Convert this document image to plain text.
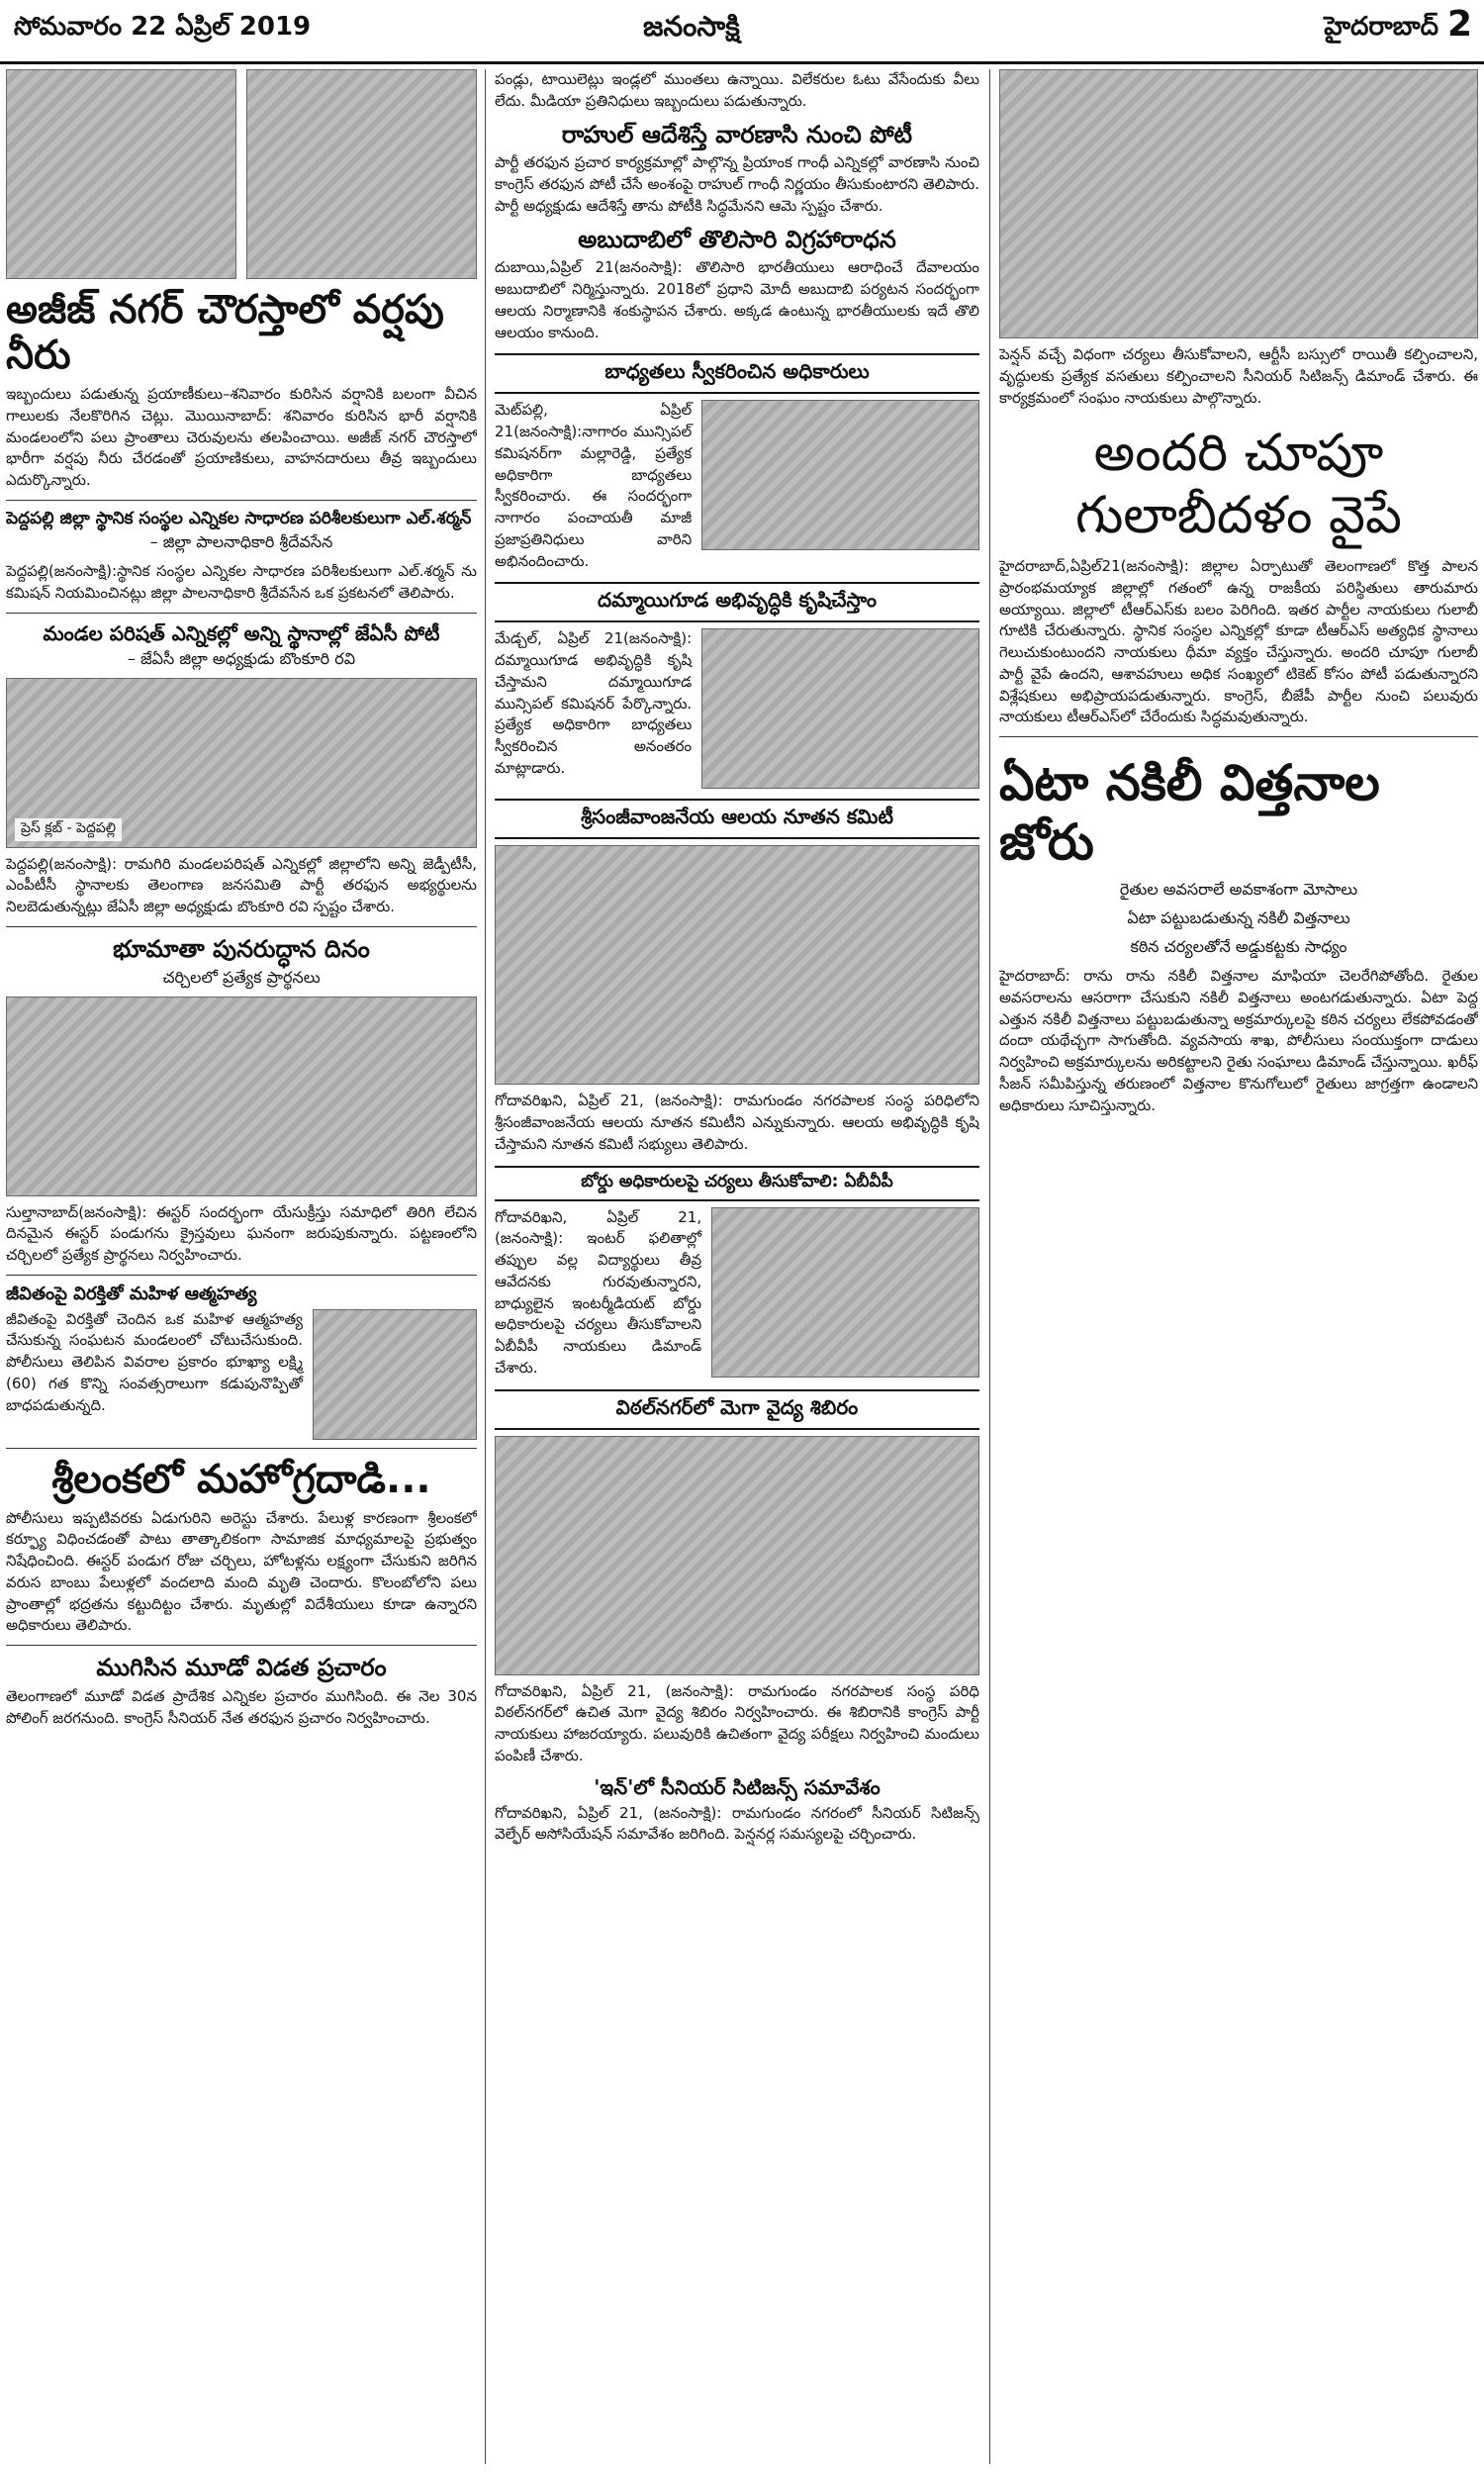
సోమవారం 22 ఏప్రిల్ 2019	జనంసాక్షి	హైదరాబాద్ 2
అజీజ్ నగర్ చౌరస్తాలో వర్షపు నీరు
ఇబ్బందులు పడుతున్న ప్రయాణీకులు–శనివారం కురిసిన వర్షానికి బలంగా వీచిన గాలులకు నేలకొరిగిన చెట్లు. మొయినాబాద్: శనివారం కురిసిన భారీ వర్షానికి మండలంలోని పలు ప్రాంతాలు చెరువులను తలపించాయి. అజీజ్ నగర్ చౌరస్తాలో భారీగా వర్షపు నీరు చేరడంతో ప్రయాణికులు, వాహనదారులు తీవ్ర ఇబ్బందులు ఎదుర్కొన్నారు.
పెద్దపల్లి జిల్లా స్థానిక సంస్థల ఎన్నికల సాధారణ పరిశీలకులుగా ఎల్.శర్మన్
– జిల్లా పాలనాధికారి శ్రీదేవసేన
పెద్దపల్లి(జనంసాక్షి):స్థానిక సంస్థల ఎన్నికల సాధారణ పరిశీలకులుగా ఎల్.శర్మన్ ను కమిషన్ నియమించినట్లు జిల్లా పాలనాధికారి శ్రీదేవసేన ఒక ప్రకటనలో తెలిపారు.
మండల పరిషత్ ఎన్నికల్లో అన్ని స్థానాల్లో జేఏసీ పోటీ
– జేఏసీ జిల్లా అధ్యక్షుడు బొంకూరి రవి
ప్రెస్ క్లబ్ - పెద్దపల్లి
పెద్దపల్లి(జనంసాక్షి): రామగిరి మండలపరిషత్ ఎన్నికల్లో జిల్లాలోని అన్ని జెడ్పీటీసీ, ఎంపీటీసీ స్థానాలకు తెలంగాణ జనసమితి పార్టీ తరఫున అభ్యర్థులను నిలబెడుతున్నట్లు జేఏసీ జిల్లా అధ్యక్షుడు బొంకూరి రవి స్పష్టం చేశారు.
భూమాతా పునరుద్ధాన దినం
చర్చిలలో ప్రత్యేక ప్రార్థనలు
సుల్తానాబాద్(జనంసాక్షి): ఈస్టర్ సందర్భంగా యేసుక్రీస్తు సమాధిలో తిరిగి లేచిన దినమైన ఈస్టర్ పండుగను క్రైస్తవులు ఘనంగా జరుపుకున్నారు. పట్టణంలోని చర్చిలలో ప్రత్యేక ప్రార్థనలు నిర్వహించారు.
జీవితంపై విరక్తితో మహిళ ఆత్మహత్య
జీవితంపై విరక్తితో చెందిన ఒక మహిళ ఆత్మహత్య చేసుకున్న సంఘటన మండలంలో చోటుచేసుకుంది. పోలీసులు తెలిపిన వివరాల ప్రకారం భూఖ్యా లక్ష్మి (60) గత కొన్ని సంవత్సరాలుగా కడుపునొప్పితో బాధపడుతున్నది.
శ్రీలంకలో మహోగ్రదాడి...
పోలీసులు ఇప్పటివరకు ఏడుగురిని అరెస్టు చేశారు. పేలుళ్ల కారణంగా శ్రీలంకలో కర్ఫ్యూ విధించడంతో పాటు తాత్కాలికంగా సామాజిక మాధ్యమాలపై ప్రభుత్వం నిషేధించింది. ఈస్టర్ పండుగ రోజు చర్చిలు, హోటళ్లను లక్ష్యంగా చేసుకుని జరిగిన వరుస బాంబు పేలుళ్లలో వందలాది మంది మృతి చెందారు. కొలంబోలోని పలు ప్రాంతాల్లో భద్రతను కట్టుదిట్టం చేశారు. మృతుల్లో విదేశీయులు కూడా ఉన్నారని అధికారులు తెలిపారు.
ముగిసిన మూడో విడత ప్రచారం
తెలంగాణలో మూడో విడత ప్రాదేశిక ఎన్నికల ప్రచారం ముగిసింది. ఈ నెల 30న పోలింగ్ జరగనుంది. కాంగ్రెస్ సీనియర్ నేత తరఫున ప్రచారం నిర్వహించారు.
పండ్లు, టాయిలెట్లు ఇండ్లలో ముంతలు ఉన్నాయి. విలేకరుల ఓటు వేసేందుకు వీలు లేదు. మీడియా ప్రతినిధులు ఇబ్బందులు పడుతున్నారు.
రాహుల్ ఆదేశిస్తే వారణాసి నుంచి పోటీ
పార్టీ తరఫున ప్రచార కార్యక్రమాల్లో పాల్గొన్న ప్రియాంక గాంధీ ఎన్నికల్లో వారణాసి నుంచి కాంగ్రెస్ తరఫున పోటీ చేసే అంశంపై రాహుల్ గాంధీ నిర్ణయం తీసుకుంటారని తెలిపారు. పార్టీ అధ్యక్షుడు ఆదేశిస్తే తాను పోటీకి సిద్ధమేనని ఆమె స్పష్టం చేశారు.
అబుదాబిలో తొలిసారి విగ్రహారాధన
దుబాయి,ఏప్రిల్ 21(జనంసాక్షి): తొలిసారి భారతీయులు ఆరాధించే దేవాలయం అబుదాబిలో నిర్మిస్తున్నారు. 2018లో ప్రధాని మోదీ అబుదాబి పర్యటన సందర్భంగా ఆలయ నిర్మాణానికి శంకుస్థాపన చేశారు. అక్కడ ఉంటున్న భారతీయులకు ఇదే తొలి ఆలయం కానుంది.
బాధ్యతలు స్వీకరించిన అధికారులు
మెట్‌పల్లి, ఏప్రిల్ 21(జనంసాక్షి):నాగారం మున్సిపల్ కమిషనర్‌గా మల్లారెడ్డి, ప్రత్యేక అధికారిగా బాధ్యతలు స్వీకరించారు. ఈ సందర్భంగా నాగారం పంచాయతీ మాజీ ప్రజాప్రతినిధులు వారిని అభినందించారు.
దమ్మాయిగూడ అభివృద్ధికి కృషిచేస్తాం
మేడ్చల్, ఏప్రిల్ 21(జనంసాక్షి): దమ్మాయిగూడ అభివృద్ధికి కృషి చేస్తామని దమ్మాయిగూడ మున్సిపల్ కమిషనర్ పేర్కొన్నారు. ప్రత్యేక అధికారిగా బాధ్యతలు స్వీకరించిన అనంతరం మాట్లాడారు.
శ్రీసంజీవాంజనేయ ఆలయ నూతన కమిటీ
గోదావరిఖని, ఏప్రిల్ 21, (జనంసాక్షి): రామగుండం నగరపాలక సంస్థ పరిధిలోని శ్రీసంజీవాంజనేయ ఆలయ నూతన కమిటీని ఎన్నుకున్నారు. ఆలయ అభివృద్ధికి కృషి చేస్తామని నూతన కమిటీ సభ్యులు తెలిపారు.
బోర్డు అధికారులపై చర్యలు తీసుకోవాలి: ఏబీవీపీ
గోదావరిఖని, ఏప్రిల్ 21, (జనంసాక్షి): ఇంటర్ ఫలితాల్లో తప్పుల వల్ల విద్యార్థులు తీవ్ర ఆవేదనకు గురవుతున్నారని, బాధ్యులైన ఇంటర్మీడియట్ బోర్డు అధికారులపై చర్యలు తీసుకోవాలని ఏబీవీపీ నాయకులు డిమాండ్ చేశారు.
విఠల్‌నగర్‌లో మెగా వైద్య శిబిరం
గోదావరిఖని, ఏప్రిల్ 21, (జనంసాక్షి): రామగుండం నగరపాలక సంస్థ పరిధి విఠల్‌నగర్‌లో ఉచిత మెగా వైద్య శిబిరం నిర్వహించారు. ఈ శిబిరానికి కాంగ్రెస్ పార్టీ నాయకులు హాజరయ్యారు. పలువురికి ఉచితంగా వైద్య పరీక్షలు నిర్వహించి మందులు పంపిణీ చేశారు.
'ఇన్'లో సీనియర్ సిటిజన్స్ సమావేశం
గోదావరిఖని, ఏప్రిల్ 21, (జనంసాక్షి): రామగుండం నగరంలో సీనియర్ సిటిజన్స్ వెల్ఫేర్ అసోసియేషన్ సమావేశం జరిగింది. పెన్షనర్ల సమస్యలపై చర్చించారు.
పెన్షన్ వచ్చే విధంగా చర్యలు తీసుకోవాలని, ఆర్టీసీ బస్సులో రాయితీ కల్పించాలని, వృద్ధులకు ప్రత్యేక వసతులు కల్పించాలని సీనియర్ సిటిజన్స్ డిమాండ్ చేశారు. ఈ కార్యక్రమంలో సంఘం నాయకులు పాల్గొన్నారు.
అందరి చూపూ గులాబీదళం వైపే
హైదరాబాద్,ఏప్రిల్21(జనంసాక్షి): జిల్లాల ఏర్పాటుతో తెలంగాణలో కొత్త పాలన ప్రారంభమయ్యాక జిల్లాల్లో గతంలో ఉన్న రాజకీయ పరిస్థితులు తారుమారు అయ్యాయి. జిల్లాలో టీఆర్ఎస్‌కు బలం పెరిగింది. ఇతర పార్టీల నాయకులు గులాబీ గూటికి చేరుతున్నారు. స్థానిక సంస్థల ఎన్నికల్లో కూడా టీఆర్ఎస్ అత్యధిక స్థానాలు గెలుచుకుంటుందని నాయకులు ధీమా వ్యక్తం చేస్తున్నారు. అందరి చూపూ గులాబీ పార్టీ వైపే ఉందని, ఆశావహులు అధిక సంఖ్యలో టికెట్ కోసం పోటీ పడుతున్నారని విశ్లేషకులు అభిప్రాయపడుతున్నారు. కాంగ్రెస్, బీజేపీ పార్టీల నుంచి పలువురు నాయకులు టీఆర్ఎస్‌లో చేరేందుకు సిద్ధమవుతున్నారు.
ఏటా నకిలీ విత్తనాల జోరు
రైతుల అవసరాలే అవకాశంగా మోసాలు
ఏటా పట్టుబడుతున్న నకిలీ విత్తనాలు
కఠిన చర్యలతోనే అడ్డుకట్టకు సాధ్యం
హైదరాబాద్: రాను రాను నకిలీ విత్తనాల మాఫియా చెలరేగిపోతోంది. రైతుల అవసరాలను ఆసరాగా చేసుకుని నకిలీ విత్తనాలు అంటగడుతున్నారు. ఏటా పెద్ద ఎత్తున నకిలీ విత్తనాలు పట్టుబడుతున్నా అక్రమార్కులపై కఠిన చర్యలు లేకపోవడంతో దందా యథేచ్ఛగా సాగుతోంది. వ్యవసాయ శాఖ, పోలీసులు సంయుక్తంగా దాడులు నిర్వహించి అక్రమార్కులను అరికట్టాలని రైతు సంఘాలు డిమాండ్ చేస్తున్నాయి. ఖరీఫ్ సీజన్ సమీపిస్తున్న తరుణంలో విత్తనాల కొనుగోలులో రైతులు జాగ్రత్తగా ఉండాలని అధికారులు సూచిస్తున్నారు.
